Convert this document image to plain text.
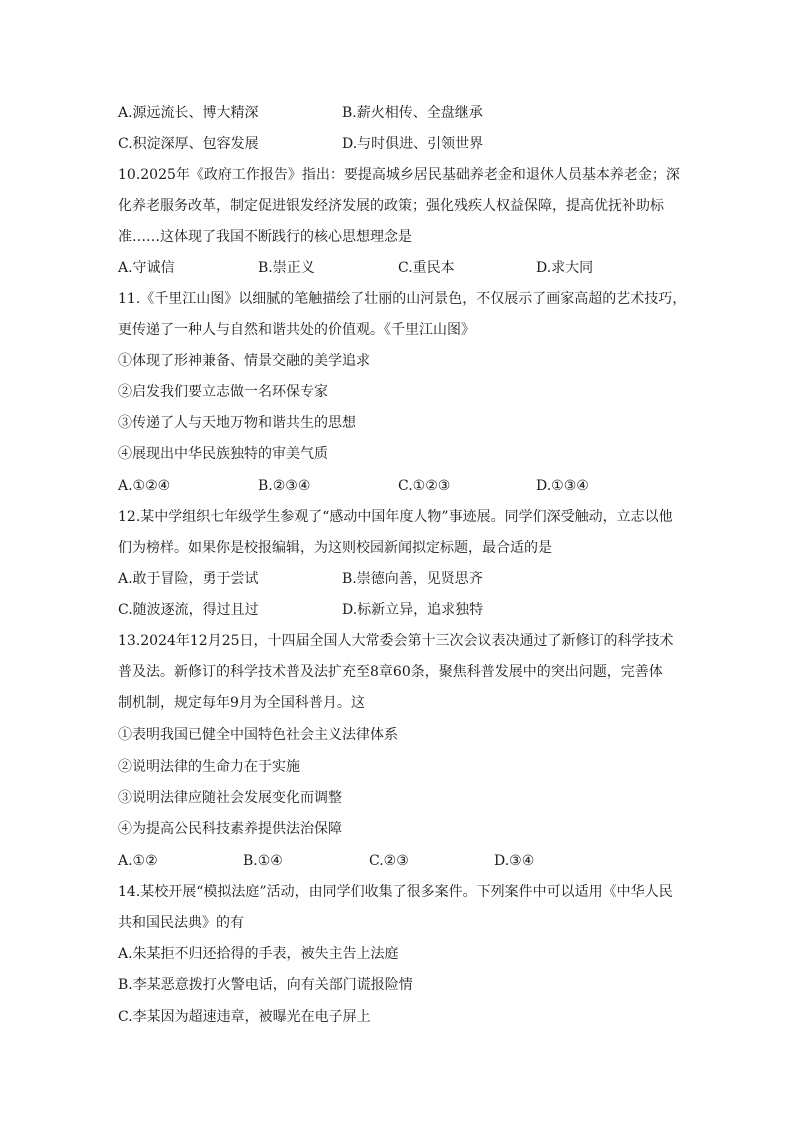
A.源远流长、博大精深	B.薪火相传、全盘继承
C.积淀深厚、包容发展	D.与时俱进、引领世界
10.2025年《政府工作报告》指出：要提高城乡居民基础养老金和退休人员基本养老金；深
化养老服务改革，制定促进银发经济发展的政策；强化残疾人权益保障，提高优抚补助标
准……这体现了我国不断践行的核心思想理念是
A.守诚信	B.崇正义	C.重民本	D.求大同
11.《千里江山图》以细腻的笔触描绘了壮丽的山河景色，不仅展示了画家高超的艺术技巧，
更传递了一种人与自然和谐共处的价值观。《千里江山图》
①体现了形神兼备、情景交融的美学追求
②启发我们要立志做一名环保专家
③传递了人与天地万物和谐共生的思想
④展现出中华民族独特的审美气质
A.①②④	B.②③④	C.①②③	D.①③④
12.某中学组织七年级学生参观了“感动中国年度人物”事迹展。同学们深受触动，立志以他
们为榜样。如果你是校报编辑，为这则校园新闻拟定标题，最合适的是
A.敢于冒险，勇于尝试	B.崇德向善，见贤思齐
C.随波逐流，得过且过	D.标新立异，追求独特
13.2024年12月25日，十四届全国人大常委会第十三次会议表决通过了新修订的科学技术
普及法。新修订的科学技术普及法扩充至8章60条，聚焦科普发展中的突出问题，完善体
制机制，规定每年9月为全国科普月。这
①表明我国已健全中国特色社会主义法律体系
②说明法律的生命力在于实施
③说明法律应随社会发展变化而调整
④为提高公民科技素养提供法治保障
A.①②	B.①④	C.②③	D.③④
14.某校开展“模拟法庭”活动，由同学们收集了很多案件。下列案件中可以适用《中华人民
共和国民法典》的有
A.朱某拒不归还拾得的手表，被失主告上法庭
B.李某恶意拨打火警电话，向有关部门谎报险情
C.李某因为超速违章，被曝光在电子屏上
